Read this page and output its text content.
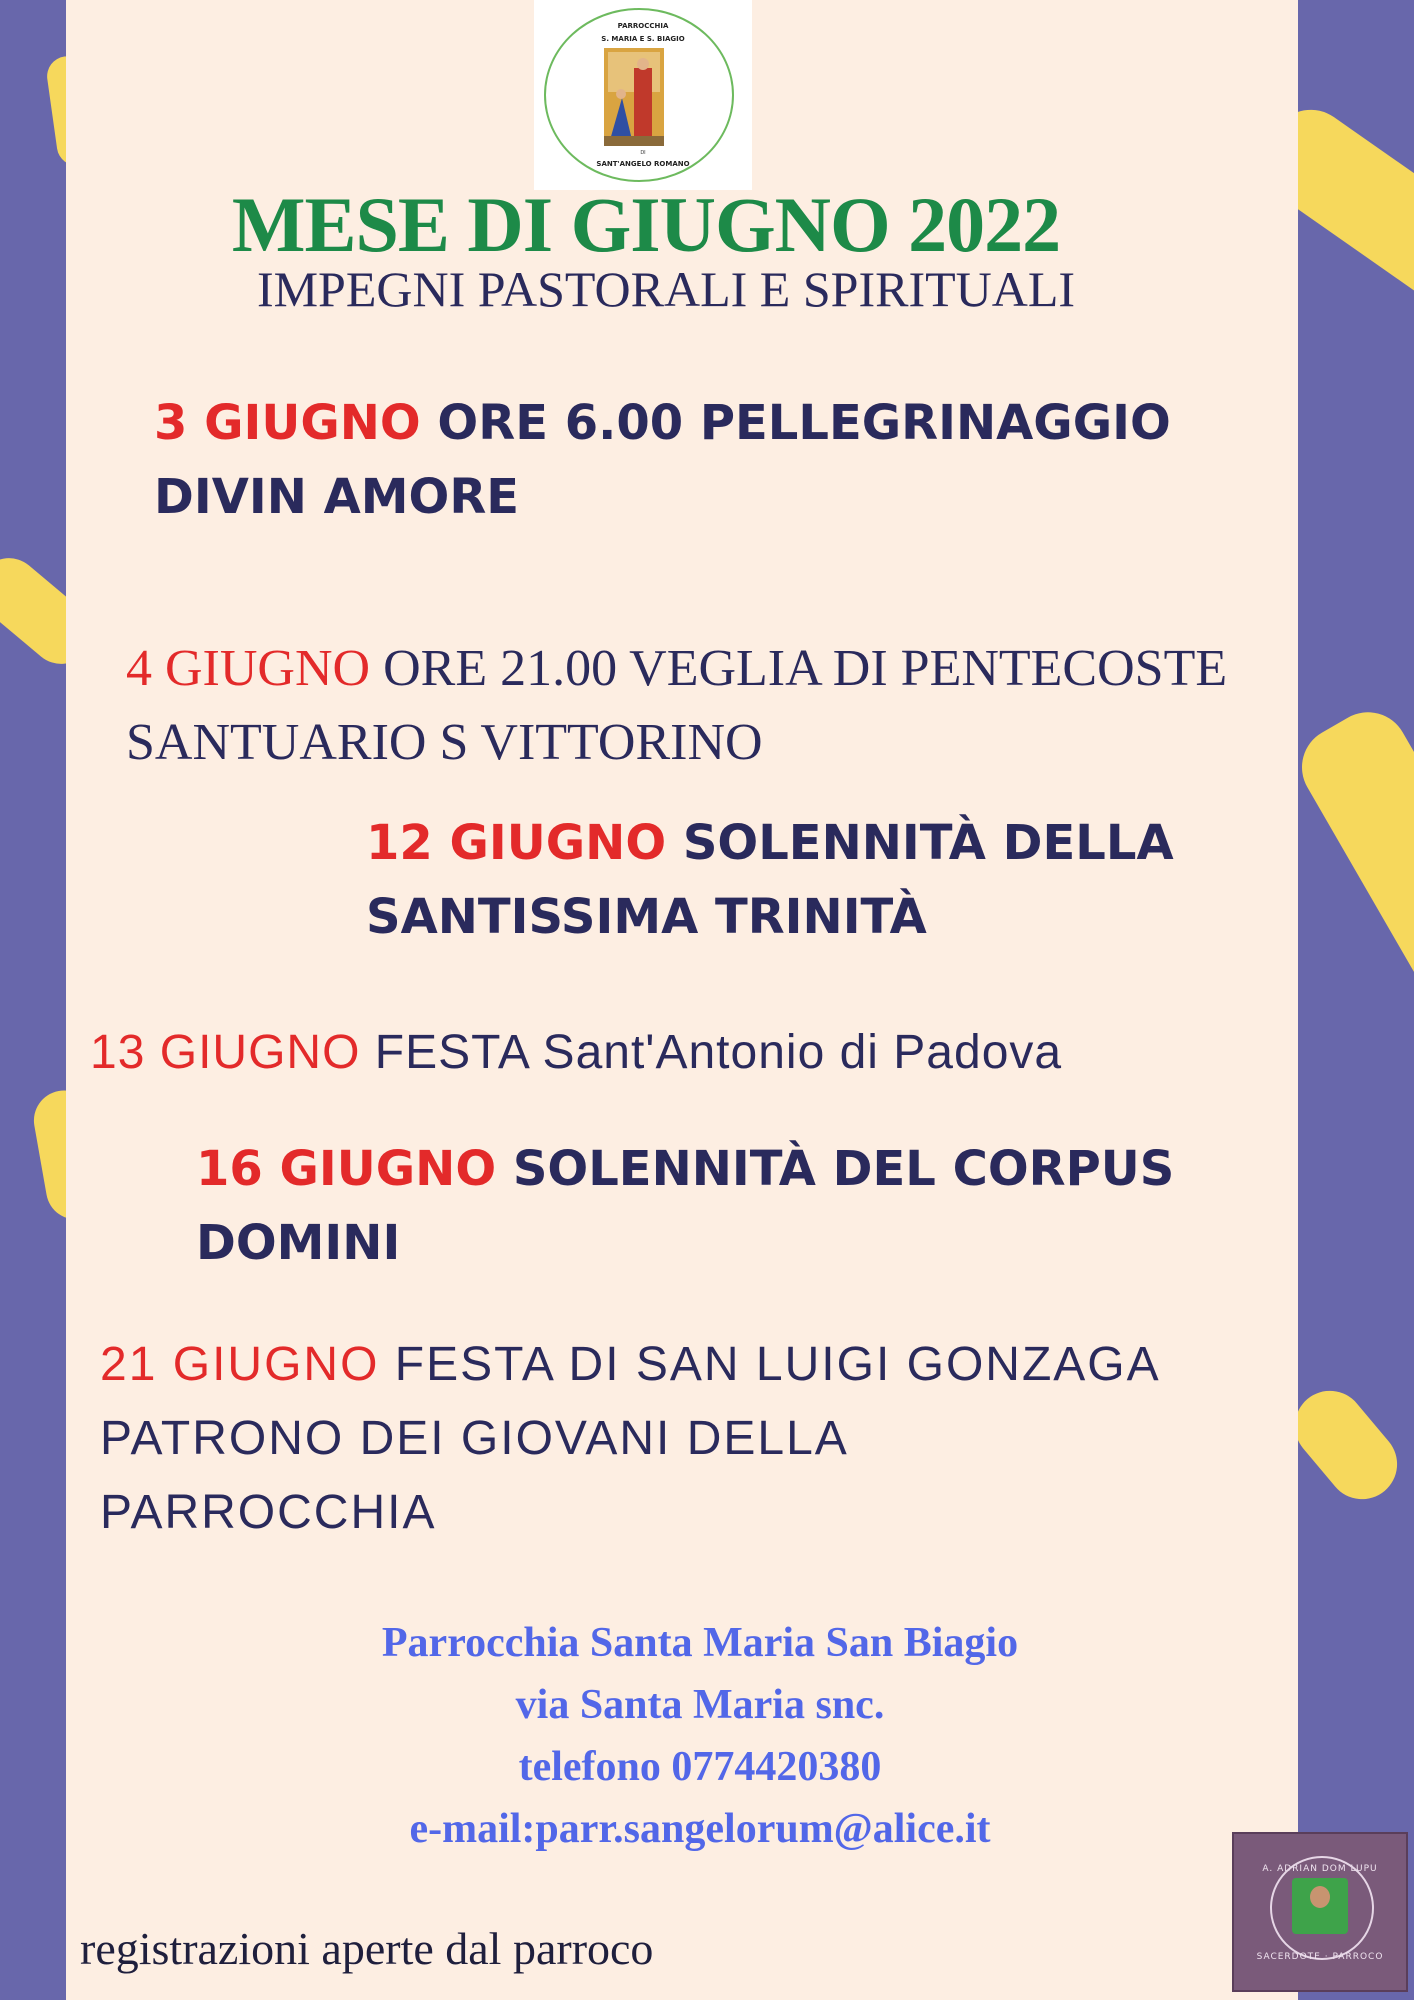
PARROCCHIA
S. MARIA E S. BIAGIO
DI
SANT'ANGELO ROMANO
MESE DI GIUGNO 2022
IMPEGNI PASTORALI E SPIRITUALI
3 GIUGNO ORE 6.00 PELLEGRINAGGIO
DIVIN AMORE
4 GIUGNO ORE 21.00 VEGLIA DI PENTECOSTE
SANTUARIO S VITTORINO
12 GIUGNO SOLENNITÀ DELLA
SANTISSIMA TRINITÀ
13 GIUGNO FESTA Sant'Antonio di Padova
16 GIUGNO SOLENNITÀ DEL CORPUS
DOMINI
21 GIUGNO FESTA DI SAN LUIGI GONZAGA
PATRONO DEI GIOVANI DELLA
PARROCCHIA
Parrocchia Santa Maria San Biagio
via Santa Maria snc.
telefono 0774420380
e-mail:parr.sangelorum@alice.it
registrazioni aperte dal parroco
A. ADRIAN DOM LUPU
SACERDOTE · PARROCO
